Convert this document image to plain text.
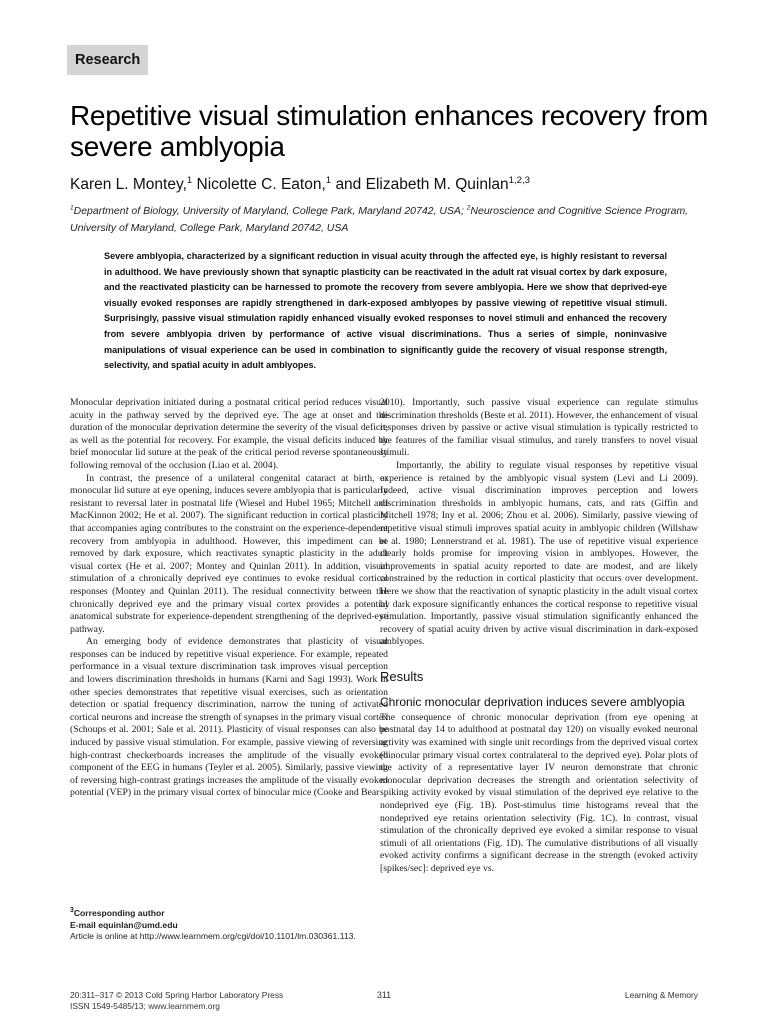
Research
Repetitive visual stimulation enhances recovery from severe amblyopia
Karen L. Montey,$^1$ Nicolette C. Eaton,$^1$ and Elizabeth M. Quinlan$^{1,2,3}$
$^1$Department of Biology, University of Maryland, College Park, Maryland 20742, USA; $^2$Neuroscience and Cognitive Science Program, University of Maryland, College Park, Maryland 20742, USA
Severe amblyopia, characterized by a significant reduction in visual acuity through the affected eye, is highly resistant to reversal in adulthood. We have previously shown that synaptic plasticity can be reactivated in the adult rat visual cortex by dark exposure, and the reactivated plasticity can be harnessed to promote the recovery from severe amblyopia. Here we show that deprived-eye visually evoked responses are rapidly strengthened in dark-exposed amblyopes by passive viewing of repetitive visual stimuli. Surprisingly, passive visual stimulation rapidly enhanced visually evoked responses to novel stimuli and enhanced the recovery from severe amblyopia driven by performance of active visual discriminations. Thus a series of simple, noninvasive manipulations of visual experience can be used in combination to significantly guide the recovery of visual response strength, selectivity, and spatial acuity in adult amblyopes.

Monocular deprivation initiated during a postnatal critical period reduces visual acuity in the pathway served by the deprived eye. The age at onset and the duration of the monocular deprivation determine the severity of the visual deficit, as well as the potential for recovery. For example, the visual deficits induced by brief monocular lid suture at the peak of the critical period reverse spontaneously following removal of the occlusion (Liao et al. 2004).

In contrast, the presence of a unilateral congenital cataract at birth, or monocular lid suture at eye opening, induces severe amblyopia that is particularly resistant to reversal later in postnatal life (Wiesel and Hubel 1965; Mitchell and MacKinnon 2002; He et al. 2007). The significant reduction in cortical plasticity that accompanies aging contributes to the constraint on the experience-dependent recovery from amblyopia in adulthood. However, this impediment can be removed by dark exposure, which reactivates synaptic plasticity in the adult visual cortex (He et al. 2007; Montey and Quinlan 2011). In addition, visual stimulation of a chronically deprived eye continues to evoke residual cortical responses (Montey and Quinlan 2011). The residual connectivity between the chronically deprived eye and the primary visual cortex provides a potential anatomical substrate for experience-dependent strengthening of the deprived-eye pathway.

An emerging body of evidence demonstrates that plasticity of visual responses can be induced by repetitive visual experience. For example, repeated performance in a visual texture discrimination task improves visual perception and lowers discrimination thresholds in humans (Karni and Sagi 1993). Work in other species demonstrates that repetitive visual exercises, such as orientation detection or spatial frequency discrimination, narrow the tuning of activated cortical neurons and increase the strength of synapses in the primary visual cortex (Schoups et al. 2001; Sale et al. 2011). Plasticity of visual responses can also be induced by passive visual stimulation. For example, passive viewing of reversing high-contrast checkerboards increases the amplitude of the visually evoked component of the EEG in humans (Teyler et al. 2005). Similarly, passive viewing of reversing high-contrast gratings increases the amplitude of the visually evoked potential (VEP) in the primary visual cortex of binocular mice (Cooke and Bear

2010). Importantly, such passive visual experience can regulate stimulus discrimination thresholds (Beste et al. 2011). However, the enhancement of visual responses driven by passive or active visual stimulation is typically restricted to the features of the familiar visual stimulus, and rarely transfers to novel visual stimuli.

Importantly, the ability to regulate visual responses by repetitive visual experience is retained by the amblyopic visual system (Levi and Li 2009). Indeed, active visual discrimination improves perception and lowers discrimination thresholds in amblyopic humans, cats, and rats (Giffin and Mitchell 1978; Iny et al. 2006; Zhou et al. 2006). Similarly, passive viewing of repetitive visual stimuli improves spatial acuity in amblyopic children (Willshaw et al. 1980; Lennerstrand et al. 1981). The use of repetitive visual experience clearly holds promise for improving vision in amblyopes. However, the improvements in spatial acuity reported to date are modest, and are likely constrained by the reduction in cortical plasticity that occurs over development. Here we show that the reactivation of synaptic plasticity in the adult visual cortex by dark exposure significantly enhances the cortical response to repetitive visual stimulation. Importantly, passive visual stimulation significantly enhanced the recovery of spatial acuity driven by active visual discrimination in dark-exposed amblyopes.

Results
Chronic monocular deprivation induces severe amblyopia

The consequence of chronic monocular deprivation (from eye opening at postnatal day 14 to adulthood at postnatal day 120) on visually evoked neuronal activity was examined with single unit recordings from the deprived visual cortex (binocular primary visual cortex contralateral to the deprived eye). Polar plots of the activity of a representative layer IV neuron demonstrate that chronic monocular deprivation decreases the strength and orientation selectivity of spiking activity evoked by visual stimulation of the deprived eye relative to the nondeprived eye (Fig. 1B). Post-stimulus time histograms reveal that the nondeprived eye retains orientation selectivity (Fig. 1C). In contrast, visual stimulation of the chronically deprived eye evoked a similar response to visual stimuli of all orientations (Fig. 1D). The cumulative distributions of all visually evoked activity confirms a significant decrease in the strength (evoked activity [spikes/sec]: deprived eye vs.

$^3$Corresponding author
E-mail equinlan@umd.edu
Article is online at http://www.learnmem.org/cgi/doi/10.1101/lm.030361.113.
20:311–317 © 2013 Cold Spring Harbor Laboratory Press
ISSN 1549-5485/13; www.learnmem.org
311	Learning & Memory
